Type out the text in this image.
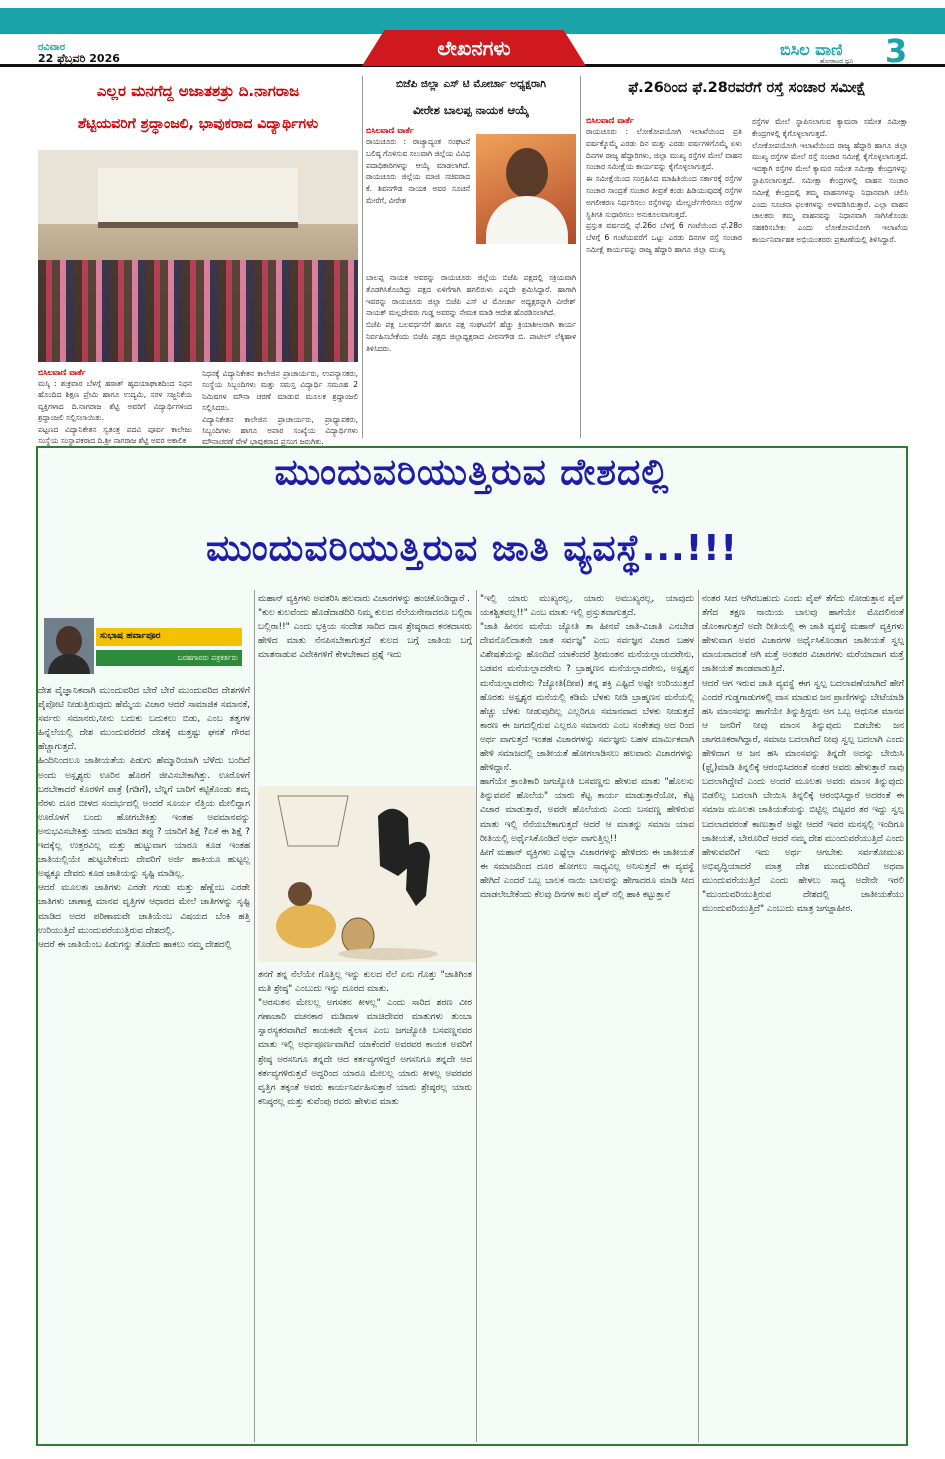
ರವಿವಾರ
22 ಫೆಬ್ರವರಿ 2026	ಲೇಖನಗಳು	ಬಿಸಿಲ ವಾಣಿ
ಹೋರಾಟದ ಧ್ವನಿ 3
ಎಲ್ಲರ ಮನಗೆದ್ದ ಅಜಾತಶತ್ರು ದಿ.ನಾಗರಾಜ
ಶೆಟ್ಟಿಯವರಿಗೆ ಶ್ರದ್ಧಾಂಜಲಿ, ಭಾವುಕರಾದ ವಿದ್ಯಾರ್ಥಿಗಳು
ಬಿಸಿಲವಾಣಿ ವಾರ್ತೆ

ಮಸ್ಕಿ : ಶುಕ್ರವಾರ ಬೆಳಗ್ಗೆ ಹಠಾತ್ ಹೃದಯಾಘಾತದಿಂದ ನಿಧನ ಹೊಂದಿದ ಶಿಕ್ಷಣ ಪ್ರೇಮಿ ಹಾಗೂ ಉದ್ಯಮಿ, ಸರಳ ಸಜ್ಜನಿಕೆಯ ವ್ಯಕ್ತಿಗಳಾದ ದಿ.ನಾಗರಾಜ ಶೆಟ್ಟಿ ಅವರಿಗೆ ವಿದ್ಯಾರ್ಥಿಗಳಿಂದ ಶ್ರದ್ಧಾಂಜಲಿ ಸಲ್ಲಿಸಲಾಯಿತು.
ಪಟ್ಟಣದ ವಿದ್ಯಾನಿಕೇತನ ಸ್ವತಂತ್ರ ಪದವಿ ಪೂರ್ವ ಕಾಲೇಜು ಸಂಸ್ಥೆಯ ಸಂಸ್ಥಾಪಕರಾದ ದಿ.ಶ್ರೀ ನಾಗರಾಜ ಶೆಟ್ಟಿ ಅವರ ಅಕಾಲಿಕ

ನಿಧನಕ್ಕೆ ವಿದ್ಯಾನಿಕೇತನ ಕಾಲೇಜಿನ ಪ್ರಾಚಾರ್ಯರು, ಉಪನ್ಯಾಸಕರು, ಸಂಸ್ಥೆಯ ಸಿಬ್ಬಂದಿಗಳು ಮತ್ತು ಸಮಸ್ತ ವಿದ್ಯಾರ್ಥಿ ಸಮೂಹ 2 ನಿಮಿಷಗಳ ಮೌನಾ ಚರಣೆ ಮಾಡುವ ಮೂಲಕ ಶ್ರದ್ಧಾಂಜಲಿ ಸಲ್ಲಿಸಿದರು.
ವಿದ್ಯಾನಿಕೇತನ ಕಾಲೇಜಿನ ಪ್ರಾಚಾರ್ಯರು, ಪ್ರಾಧ್ಯಾಪಕರು, ಸಿಬ್ಬಂದಿಗಳು ಹಾಗೂ ಅಪಾರ ಸಂಖ್ಯೆಯ ವಿದ್ಯಾರ್ಥಿಗಳು ಮೌನಾಚರಣೆ ವೇಳೆ ಭಾವುಕರಾದ ಪ್ರಸಂಗ ಜರುಗಿತು.

ಬಿಜೆಪಿ ಜಿಲ್ಲಾ ಎಸ್ ಟಿ ಮೋರ್ಚಾ ಅಧ್ಯಕ್ಷರಾಗಿ
ವೀರೇಶ ಬಾಲಪ್ಪ ನಾಯಕ ಆಯ್ಕೆ
ಬಿಸಿಲವಾಣಿ ವಾರ್ತೆ

ರಾಯಚೂರು : ರಾಜ್ಯಾದ್ಯಂತ ಸಂಘಟನೆ ಬಲಿಷ್ಠ ಗೊಳಿಸುವ ಸಲುವಾಗಿ ಜಿಲ್ಲೆಯ ವಿವಿಧ ಪದಾಧಿಕಾರಿಗಳನ್ನು ಆಯ್ಕೆ ಮಾಡಲಾಗಿದೆ. ರಾಯಚೂರು ಜಿಲ್ಲೆಯ ಮಾಜಿ ಸಚಿವರಾದ ಕೆ. ಶಿವನಗೌಡ ನಾಯಕ ಅವರ ಸೂಚನೆ ಮೇರೆಗೆ, ವೀರೇಶ

ಬಾಲಪ್ಪ ನಾಯಕ ಅವರನ್ನು ರಾಯಚೂರು ಜಿಲ್ಲೆಯ ಬಿಜೆಪಿ ಪಕ್ಷದಲ್ಲಿ ಸಕ್ರಿಯವಾಗಿ ತೊಡಗಿಸಿಕೊಂಡಿದ್ದು ಪಕ್ಷದ ಏಳಿಗೆಗಾಗಿ ಹಗಲಿರುಳು ಎನ್ನದೇ ಶ್ರಮಿಸಿದ್ದಾರೆ. ಹಾಗಾಗಿ ಇವರನ್ನು ರಾಯಚೂರು ಜಿಲ್ಲಾ ಬಿಜೆಪಿ ಎಸ್ ಟಿ ಮೋರ್ಚಾ ಅಧ್ಯಕ್ಷರನ್ನಾಗಿ ವೀರೇಶ್ ನಾಯಕ್ ಮಲ್ಲದೇವರು ಗುಡ್ಡ ಅವರನ್ನು ನೇಮಕ ಮಾಡಿ ಆದೇಶ ಹೊರಡಿಸಲಾಗಿದೆ.
ಬಿಜೆಪಿ ಪಕ್ಷ ಬಲವರ್ಧನೆಗೆ ಹಾಗೂ ಪಕ್ಷ ಸಂಘಟನೆಗೆ ಹೆಚ್ಚು ಕ್ರಿಯಾಶೀಲರಾಗಿ ಕಾರ್ಯ ನಿರ್ವಹಿಸಬೇಕೆಂದು ಬಿಜೆಪಿ ಪಕ್ಷದ ಜಿಲ್ಲಾಧ್ಯಕ್ಷರಾದ ವೀರನಗೌಡ ಬಿ. ಪಾಟೀಲ್ ಲೆಕ್ಕಿಹಾಳ ತಿಳಿಸಿದರು.

ಫೆ.26ರಿಂದ ಫೆ.28ರವರೆಗೆ ರಸ್ತೆ ಸಂಚಾರ ಸಮೀಕ್ಷೆ
ಬಿಸಿಲವಾಣಿ ವಾರ್ತೆ

ರಾಯಚೂರು : ಲೋಕೋಪಯೋಗಿ ಇಲಾಖೆಯಿಂದ ಪ್ರತಿ ವರ್ಷಕ್ಕೊಮ್ಮೆ ಎರಡು ದಿನ ಮತ್ತು ಎರಡು ವರ್ಷಗಳಿಗೊಮ್ಮೆ ಏಳು ದಿನಗಳ ರಾಜ್ಯ ಹೆದ್ದಾರಿಗಳು, ಜಿಲ್ಲಾ ಮುಖ್ಯ ರಸ್ತೆಗಳ ಮೇಲೆ ವಾಹನ ಸಂಚಾರ ಸಮೀಕ್ಷೆಯ ಕಾರ್ಯವನ್ನು ಕೈಗೊಳ್ಳಲಾಗುತ್ತದೆ.
ಈ ಸಮೀಕ್ಷೆಯಿಂದ ಸಂಗ್ರಹಿಸಿದ ಮಾಹಿತಿಯಿಂದ ಸರ್ಕಾರಕ್ಕೆ ರಸ್ತೆಗಳ ಸಂಚಾರ ಸಾಂದ್ರತೆ ಸಂಚಾರ ತೀವ್ರತೆ ಕಂಡು ಹಿಡಿಯುವುದಕ್ಕೆ ರಸ್ತೆಗಳ ಅಗಲೀಕರಣ ನಿರ್ಧರಿಸಲು ರಸ್ತೆಗಳನ್ನು ಮೇಲ್ದರ್ಜೆಗೇರಿಸಲು ರಸ್ತೆಗಳ ಸ್ಥಿತಿಗತಿ ಸುಧಾರಿಸಲು ಅನುಕೂಲವಾಗುತ್ತದೆ.
ಪ್ರಸ್ತುತ ವರ್ಷದಲ್ಲಿ ಫೆ.26ರ ಬೆಳಗ್ಗೆ 6 ಗಂಟೆಯಿಂದ ಫೆ.28ರ ಬೆಳಗ್ಗೆ 6 ಗಂಟೆಯವರೆಗೆ ಒಟ್ಟು ಎರಡು ದಿನಗಳ ರಸ್ತೆ ಸಂಚಾರ ಸಮೀಕ್ಷೆ ಕಾರ್ಯವನ್ನು ರಾಜ್ಯ ಹೆದ್ದಾರಿ ಹಾಗೂ ಜಿಲ್ಲಾ ಮುಖ್ಯ

ರಸ್ತೆಗಳ ಮೇಲೆ ಸ್ಥಾಪಿಸಲಾಗುವ ಕ್ಯಾಮರಾ ಸಮೇತ ಸಮೀಕ್ಷಾ ಕೇಂದ್ರಗಳಲ್ಲಿ ಕೈಗೊಳ್ಳಲಾಗುತ್ತದೆ.
ಲೋಕೋಪಯೋಗಿ ಇಲಾಖೆಯಿಂದ ರಾಜ್ಯ ಹೆದ್ದಾರಿ ಹಾಗೂ ಜಿಲ್ಲಾ ಮುಖ್ಯ ರಸ್ತೆಗಳ ಮೇಲೆ ರಸ್ತೆ ಸಂಚಾರ ಸಮೀಕ್ಷೆ ಕೈಗೊಳ್ಳಲಾಗುತ್ತದೆ. ಇದಕ್ಕಾಗಿ ರಸ್ತೆಗಳ ಮೇಲೆ ಕ್ಯಾಮರ ಸಮೇತ ಸಮೀಕ್ಷಾ ಕೇಂದ್ರಗಳನ್ನು ಸ್ಥಾಪಿಸಲಾಗುತ್ತದೆ. ಸಮೀಕ್ಷಾ ಕೇಂದ್ರಗಳಲ್ಲಿ ವಾಹನ ಸಂಚಾರ ಸಮೀಕ್ಷೆ ಕೇಂದ್ರದಲ್ಲಿ ತಮ್ಮ ವಾಹನಗಳನ್ನು ನಿಧಾನವಾಗಿ ಚಲಿಸಿ ಎಂದು ಸೂಚನಾ ಫಲಕಗಳನ್ನು ಅಳವಡಿಸಿರುತ್ತಾರೆ. ಎಲ್ಲಾ ವಾಹನ ಚಾಲಕರು ತಮ್ಮ ವಾಹನವನ್ನು ನಿಧಾನವಾಗಿ ಸಾಗಿಸಿಕೊಂಡು ಸಹಕರಿಸಬೇಕು ಎಂದು ಲೋಕೋಪಯೋಗಿ ಇಲಾಖೆಯ ಕಾರ್ಯನಿರ್ವಾಹಕ ಅಭಿಯಂತರರು ಪ್ರಕಟಣೆಯಲ್ಲಿ ತಿಳಿಸಿದ್ದಾರೆ.

ಮುಂದುವರಿಯುತ್ತಿರುವ ದೇಶದಲ್ಲಿ
ಮುಂದುವರಿಯುತ್ತಿರುವ ಜಾತಿ ವ್ಯವಸ್ಥೆ...!!!
ಸುಭಾಷ ಹರ್ವಾಪೂರ
ಬರಹಗಾರರು ಪತ್ರಕರ್ತರು

ದೇಶ ವೈಜ್ಞಾನಿಕವಾಗಿ ಮುಂದುವರಿದ ಬೇರೆ ಬೇರೆ ಮುಂದುವರಿದ ದೇಶಗಳಿಗೆ ಪೈಪೋಟಿ ನೀಡುತ್ತಿರುವುದು ಹೆಮ್ಮೆಯ ವಿಚಾರ ಆದರೆ ಸಾಮಾಜಿಕ ಸಮಾನತೆ, ಸರ್ವರು ಸಮಾನರು,ನೀನು ಬದುಕು ಬದುಕಲು ಬಿಡು, ಎಂಬ ತತ್ವಗಳ ಹಿನ್ನೆಲೆಯಲ್ಲಿ ದೇಶ ಮುಂದುವರೆದರೆ ದೇಶಕ್ಕೆ ಮತ್ತಷ್ಟು ಘನತೆ ಗೌರವ ಹೆಚ್ಚಾಗುತ್ತದೆ.
ಹಿಂದಿನಿಂದಲೂ ಜಾತೀಯತೆಯ ಪಿಡುಗು ಹೆಮ್ಮಾರಿಯಾಗಿ ಬೆಳೆದು ಬಂದಿದೆ ಅಂದು ಅಸ್ಪೃಶ್ಯರು ಊರಿನ ಹೊರಗೆ ಜೀವಿಸಬೇಕಾಗಿತ್ತು. ಊರೊಳಗೆ ಬರಬೇಕಾದರೆ ಕೊರಳಿಗೆ ಪಾತ್ರೆ (ಗಡಿಗೆ), ಬೆನ್ನಿಗೆ ಬಾರಿಗೆ ಕಟ್ಟಿಕೊಂಡು ತಮ್ಮ ನೆರಳು ದೂರ ಬೀಳದ ಸಂದರ್ಭದಲ್ಲಿ ಅಂದರೆ ಸೂರ್ಯ ನೆತ್ತಿಯ ಮೇಲಿದ್ದಾಗ ಊರೊಳಗೆ ಬಂದು ಹೋಗಬೇಕಿತ್ತು ಇಂತಹ ಅವಮಾನವನ್ನು ಅನುಭವಿಸಬೇಕಿತ್ತು ಯಾರು ಮಾಡಿದ ತಪ್ಪು ? ಯಾರಿಗೆ ಶಿಕ್ಷೆ ?ಏಕೆ ಈ ಶಿಕ್ಷೆ ? ಇದಕ್ಕೆಲ್ಲ ಉತ್ತರವಿಲ್ಲ ಮತ್ತು ಹುಟ್ಟುವಾಗ ಯಾರೂ ಕೂಡ ಇಂತಹ ಜಾತಿಯಲ್ಲಿಯೇ ಹುಟ್ಟಬೇಕೆಂದು ದೇವರಿಗೆ ಅರ್ಜಿ ಹಾಕಿಯೂ ಹುಟ್ಟಲ್ಲ ಅಷ್ಟಕ್ಕೂ ದೇವರು ಕೂಡ ಜಾತಿಯನ್ನು ಸೃಷ್ಟಿ ಮಾಡಿಲ್ಲ.
ಆದರೆ ಮೂಲತಃ ಜಾತಿಗಳು ಎರಡೇ ಗಂಡು ಮತ್ತು ಹೆಣ್ಣೆಂಬ ಎರಡೇ ಜಾತಿಗಳು ಚಾಣಾಕ್ಷ ಮಾನವ ವೃತ್ತಿಗಳ ಆಧಾರದ ಮೇಲೆ ಜಾತಿಗಳನ್ನು ಸೃಷ್ಟಿ ಮಾಡಿದ ಅದರ ಪರಿಣಾಮವೇ ಜಾತಿಯೆಂಬ ವಿಷಯದ ಬೆಂಕಿ ಹತ್ತಿ ಉರಿಯುತ್ತಿದೆ ಮುಂದುವರೆಯುತ್ತಿರುವ ದೇಶದಲ್ಲಿ.
ಆದರೆ ಈ ಜಾತಿಯೆಂಬ ಪಿಡುಗನ್ನು ತೊಡೆದು ಹಾಕಲು ನಮ್ಮ ದೇಶದಲ್ಲಿ

ಮಹಾನ್ ವ್ಯಕ್ತಿಗಳು ಅವತರಿಸಿ ಹಲವಾರು ವಿಚಾರಗಳನ್ನು ಹಂಚಿಕೊಂಡಿದ್ದಾರೆ .
"ಕುಲ ಕುಲವೆಂದು ಹೊಡೆದಾಡದಿರಿ ನಿಮ್ಮ ಕುಲದ ನೆಲೆಯನೇನಾದರೂ ಬಲ್ಲಿರಾ ಬಲ್ಲಿರಾ!!" ಎಂದು ಭಕ್ತಿಯ ಸಂದೇಶ ಸಾರಿದ ದಾಸ ಶ್ರೇಷ್ಠರಾದ ಕನಕದಾಸರು ಹೇಳಿದ ಮಾತು ನೆನಪಿಸಬೇಕಾಗುತ್ತದೆ ಕುಲದ ಬಗ್ಗೆ ಜಾತಿಯ ಬಗ್ಗೆ ಮಾತನಾಡುವ ವಿವೇಕಿಗಳಿಗೆ ಕೇಳಬೇಕಾದ ಪ್ರಶ್ನೆ ಇದು

ತನಗೆ ತನ್ನ ನೆಲೆಯೇ ಗೊತ್ತಿಲ್ಲ ಇನ್ನು ಕುಲದ ನೆಲೆ ಏನು ಗೊತ್ತು "ಜಾತಿಗಿಂತ ಮತಿ ಶ್ರೇಷ್ಠ" ಎಂಬುದು ಇನ್ನು ದೂರದ ಮಾತು.
"ಅರಸುತನ ಮೇಲಲ್ಲ ಅಗಸತನ ಕೀಳಲ್ಲ" ಎಂದು ಸಾರಿದ ಶರಣ ವೀರ ಗಣಾಚಾರಿ ವಚನಕಾರ ಮಡಿವಾಳ ಮಾಚಿದೇವರ ಮಾತುಗಳು ತುಂಬಾ ಸ್ವಾರಸ್ಯಕರವಾಗಿದೆ ಕಾಯಕವೇ ಕೈಲಾಸ ಎಂಬ ಜಗಜ್ಯೋತಿ ಬಸವಣ್ಣನವರ ಮಾತು ಇಲ್ಲಿ ಅರ್ಥಪೂರ್ಣವಾಗಿದೆ ಯಾಕೆಂದರೆ ಅವರವರ ಕಾಯಕ ಅವರಿಗೆ ಶ್ರೇಷ್ಠ ಅರಸನಿಗೂ ತನ್ನದೇ ಆದ ಕರ್ತವ್ಯಗಳಿದ್ದರೆ ಅಗಸನಿಗೂ ತನ್ನದೇ ಆದ ಕರ್ತವ್ಯಗಳಿರುತ್ತವೆ ಅದ್ದರಿಂದ ಯಾರೂ ಮೇಲಲ್ಲ ಯಾರು ಕೀಳಲ್ಲ ಅವರವರ ವೃತ್ತಿಗ ತಕ್ಕಂತೆ ಅವರು ಕಾರ್ಯನಿರ್ವಹಿಸುತ್ತಾರೆ ಯಾರು ಶ್ರೇಷ್ಠರಲ್ಲ ಯಾರು ಕನಿಷ್ಠರಲ್ಲ ಮತ್ತು ಕುವೆಂಪು ರವರು ಹೇಳುವ ಮಾತು

"ಇಲ್ಲಿ ಯಾರು ಮುಖ್ಯರಲ್ಲ, ಯಾರು ಅಮುಖ್ಯರಲ್ಲ, ಯಾವುದು ಯಕಶ್ಚಿತವಲ್ಲ!!" ಎಂಬ ಮಾತು ಇಲ್ಲಿ ಪ್ರಸ್ತುತವಾಗುತ್ತದೆ.
"ಜಾತಿ ಹೀನನ ಮನೆಯ ಜ್ಯೋತಿ ತಾ ಹೀನವೆ ಜಾತಿ-ವಿಜಾತಿ ಎನಬೇಡ ದೇವನೊಲಿದಾತನೇ ಜಾತ ಸರ್ವಜ್ಞ" ಎಂಬ ಸರ್ವಜ್ಞನ ವಿಚಾರ ಬಹಳ ವಿಶೇಷತೆಯನ್ನು ಹೊಂದಿದೆ ಯಾಕೆಂದರೆ ಶ್ರೀಮಂತನ ಮನೆಯಲ್ಲಾಯದರೇನು, ಬಡವನ ಮನೆಯಲ್ಲಾದರೇನು ? ಬ್ರಾಹ್ಮಣನ ಮನೆಯಲ್ಲಾದರೇನು, ಅಸ್ಪೃಶ್ಯನ ಮನೆಯಲ್ಲಾದರೇನು ?ಜ್ಯೋತಿ(ದೀಪ) ತನ್ನ ಶಕ್ತಿ ಎಷ್ಟಿದೆ ಅಷ್ಟೇ ಉರಿಯುತ್ತದೆ ಹೊರತು ಅಸ್ಪೃಶ್ಯರ ಮನೆಯಲ್ಲಿ ಕಡಿಮೆ ಬೆಳಕು ನೀಡಿ ಬ್ರಾಹ್ಮಣನ ಮನೆಯಲ್ಲಿ ಹೆಚ್ಚು ಬೆಳಕು ನೀಡುವುದಿಲ್ಲ ಎಲ್ಲರಿಗೂ ಸಮಾನವಾದ ಬೆಳಕು ನೀಡುತ್ತದೆ ಕಾರಣ ಈ ಜಗದಲ್ಲಿರುವ ಎಲ್ಲರೂ ಸಮಾನರು ಎಂಬ ಸಂಕೇತವು ಅದ ರಿಂದ ಅರ್ಥ ವಾಗುತ್ತದೆ ಇಂತಹ ವಿಚಾರಗಳನ್ನು ಸರ್ವಜ್ಞನು ಬಹಳ ಮಾರ್ಮಿಕವಾಗಿ ಹೇಳಿ ಸಮಾಜದಲ್ಲಿ ಜಾತೀಯತೆ ಹೋಗಲಾಡಿಸಲು ಹಲವಾರು ವಿಚಾರಗಳನ್ನು ಹೇಳಿದ್ದಾನೆ.
ಹಾಗೆಯೇ ಕ್ರಾಂತಿಕಾರಿ ಜಗಜ್ಯೋತಿ ಬಸವಣ್ಣನು ಹೇಳುವ ಮಾತು "ಹೊಲಸು ತಿನ್ನುವವನೆ ಹೊಲೆಯ" ಯಾರು ಕೆಟ್ಟ ಕಾರ್ಯ ಮಾಡುತ್ತಾರೆಯೋ, ಕೆಟ್ಟ ವಿಚಾರ ಮಾಡುತ್ತಾರೆ, ಅವರೇ ಹೊಲೆಯರು ಎಂದು ಬಸವಣ್ಣ ಹೇಳಿರುವ ಮಾತು ಇಲ್ಲಿ ನೆನೆಯಬೇಕಾಗುತ್ತದೆ ಆದರೆ ಆ ಮಾತನ್ನು ಸಮಾಜ ಯಾವ ರೀತಿಯಲ್ಲಿ ಅರ್ಥೈಸಿಕೊಂಡಿದೆ ಅರ್ಥ ವಾಗುತ್ತಿಲ್ಲ!!
ಹೀಗೆ ಮಹಾನ್ ವ್ಯಕ್ತಿಗಳು ಎಷ್ಟೆಲ್ಲಾ ವಿಚಾರಗಳನ್ನು ಹೇಳಿದರು ಈ ಜಾತೀಯತೆ ಈ ಸಮಾಜದಿಂದ ದೂರ ಹೋಗಲು ಸಾಧ್ಯವಿಲ್ಲ ಅನಿಸುತ್ತದೆ ಈ ವ್ಯವಸ್ಥೆ ಹೇಗಿದೆ ಎಂದರೆ ಒಬ್ಬ ಬಾಲಕ ನಾಯಿ ಬಾಲವನ್ನು ಹೇಗಾದರೂ ಮಾಡಿ ಸೀದ ಮಾಡಲೇಬೇಕೆಂದು ಕೆಲವು ದಿನಗಳ ಕಾಲ ಪೈಪ್ ನಲ್ಲಿ ಹಾಕಿ ಕಟ್ಟುತ್ತಾನೆ

ನಂತರ ಸೀದ ಆಗಿರಬಹುದು ಎಂದು ಪೈಪ್ ತೆಗೆದು ನೋಡುತ್ತಾನ ಪೈಪ್ ತೆಗೆದ ತಕ್ಷಣ ನಾಯಿಯ ಬಾಲವು ಹಾಗೆಯೇ ಮೊದಲಿನಂತೆ ಡೊಂಕಾಗುತ್ತದೆ ಅದೇ ರೀತಿಯಲ್ಲಿ ಈ ಜಾತಿ ವ್ಯವಸ್ಥೆ ಮಹಾನ್ ವ್ಯಕ್ತಿಗಳು ಹೇಳುವಾಗ ಅವರ ವಿಚಾರಗಳ ಅರ್ಥೈಸಿಕೊಂಡಾಗ ಜಾತೀಯತೆ ಸ್ವಲ್ಪ ಮಾಯವಾದಂತೆ ಆಗಿ ಮತ್ತೆ ಅಂತವರ ವಿಚಾರಗಳು ಮರೆಯಾದಾಗ ಮತ್ತೆ ಜಾತೀಯತೆ ತಾಂಡವಾಡುತ್ತಿದೆ.
ಆದರೆ ಆಗ ಇರುವ ಜಾತಿ ವ್ಯವಸ್ಥೆ ಈಗ ಸ್ವಲ್ಪ ಬದಲಾವಣೆಯಾಗಿದೆ ಹೇಗೆ ಎಂದರೆ ಗುಡ್ಡಗಾಡುಗಳಲ್ಲಿ ವಾಸ ಮಾಡುವ ಜನ ಪ್ರಾಣಿಗಳನ್ನು ಬೇಟೆಯಾಡಿ ಹಸಿ ಮಾಂಸವನ್ನು ಹಾಗೆಯೇ ತಿನ್ನುತ್ತಿದ್ದರು ಆಗ ಒಬ್ಬ ಆಧುನಿಕ ಮಾನವ ಆ ಜನರಿಗೆ ನೀವು ಮಾಂಸ ತಿನ್ನುವುದು ಬಿಡಬೇಕು ಜನ ಜಾಗರೂಕರಾಗಿದ್ದಾರೆ, ಸಮಾಜ ಬದಲಾಗಿದೆ ನೀವು ಸ್ವಲ್ಪ ಬದಲಾಗಿ ಎಂದು ಹೇಳಿದಾಗ ಆ ಜನ ಹಸಿ ಮಾಂಸವನ್ನು ತಿನ್ನದೇ ಅದನ್ನು ಬೇಯಿಸಿ (ಫ್ರೈ)ಮಾಡಿ ತಿನ್ನಲಿಕ್ಕೆ ಆರಂಭಿಸಿದರಂತೆ ನಂತರ ಅವರು ಹೇಳುತ್ತಾರೆ ನಾವು ಬದಲಾಗಿದ್ದೇವೆ ಎಂದು ಅಂದರೆ ಮೂಲತಃ ಅವರು ಮಾಂಸ ತಿನ್ನುವುದು ಬಿಡಲಿಲ್ಲ ಬದಲಾಗಿ ಬೇಯಿಸಿ ತಿನ್ನಲಿಕ್ಕೆ ಆರಂಭಿಸಿದ್ದಾರೆ ಅದರಂತೆ ಈ ಸಮಾಜ ಮೂಲತಃ ಜಾತಿಯತೆಯನ್ನು ಬಿಟ್ಟಿಲ್ಲ ಬಿಟ್ಟವರ ತರ ಇದ್ದು ಸ್ವಲ್ಪ ಬದಲಾದವರಂತೆ ಕಾಣುತ್ತಾರೆ ಅಷ್ಟೇ ಆದರೆ ಇವರ ಮನಸ್ಸಲ್ಲಿ ಇಂದಿಗೂ ಜಾತೀಯತೆ, ಬೇರೂರಿದೆ ಆದರೆ ನಮ್ಮ ದೇಶ ಮುಂದುವರೆಯುತ್ತಿದೆ ಎಂದು ಹೇಳುವವರಿಗೆ ಇದು ಅರ್ಥ ಆಗಬೇಕು ಸರ್ವತೋಮುಖ ಅಭಿವೃದ್ಧಿಯಾದರೆ ಮಾತ್ರ ದೇಶ ಮುಂದುವರಿದಿದೆ ಅಥವಾ ಮುಂದುವರೆಯುತ್ತಿದೆ ಎಂದು ಹೇಳಲು ಸಾಧ್ಯ ಅದೇನೇ ಇರಲಿ "ಮುಂದುವರಿಯುತ್ತಿರುವ ದೇಶದಲ್ಲಿ ಜಾತೀಯತೆಯು ಮುಂದುವರಿಯುತ್ತಿದೆ" ಎಂಬುದು ಮಾತ್ರ ಜಗಜ್ಜಾಹೀರ.
